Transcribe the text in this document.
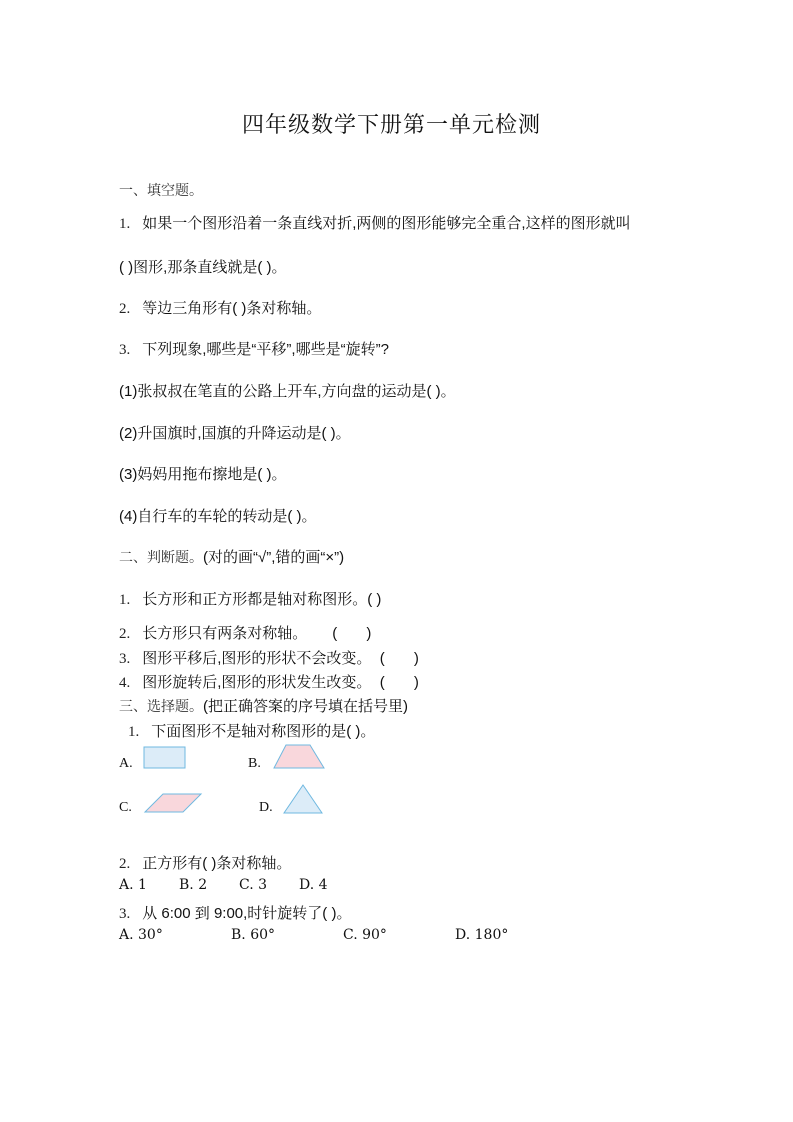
四年级数学下册第一单元检测
一、填空题。
1. 如果一个图形沿着一条直线对折,两侧的图形能够完全重合,这样的图形就叫
( )图形,那条直线就是( )。
2. 等边三角形有( )条对称轴。
3. 下列现象,哪些是“平移”,哪些是“旋转”?
(1)张叔叔在笔直的公路上开车,方向盘的运动是( )。
(2)升国旗时,国旗的升降运动是( )。
(3)妈妈用拖布擦地是( )。
(4)自行车的车轮的转动是( )。
二、判断题。(对的画“√”,错的画“×”)
1. 长方形和正方形都是轴对称图形。( )
2. 长方形只有两条对称轴。      (       )
3. 图形平移后,图形的形状不会改变。  (       )
4. 图形旋转后,图形的形状发生改变。  (       )
三、选择题。(把正确答案的序号填在括号里)
1. 下面图形不是轴对称图形的是( )。
A.	B.
C.	D.
2. 正方形有( )条对称轴。
A. 1 B. 2 C. 3 D. 4
3. 从 6:00 到 9:00,时针旋转了( )。
A. 30°	B. 60°	C. 90°	D. 180°
